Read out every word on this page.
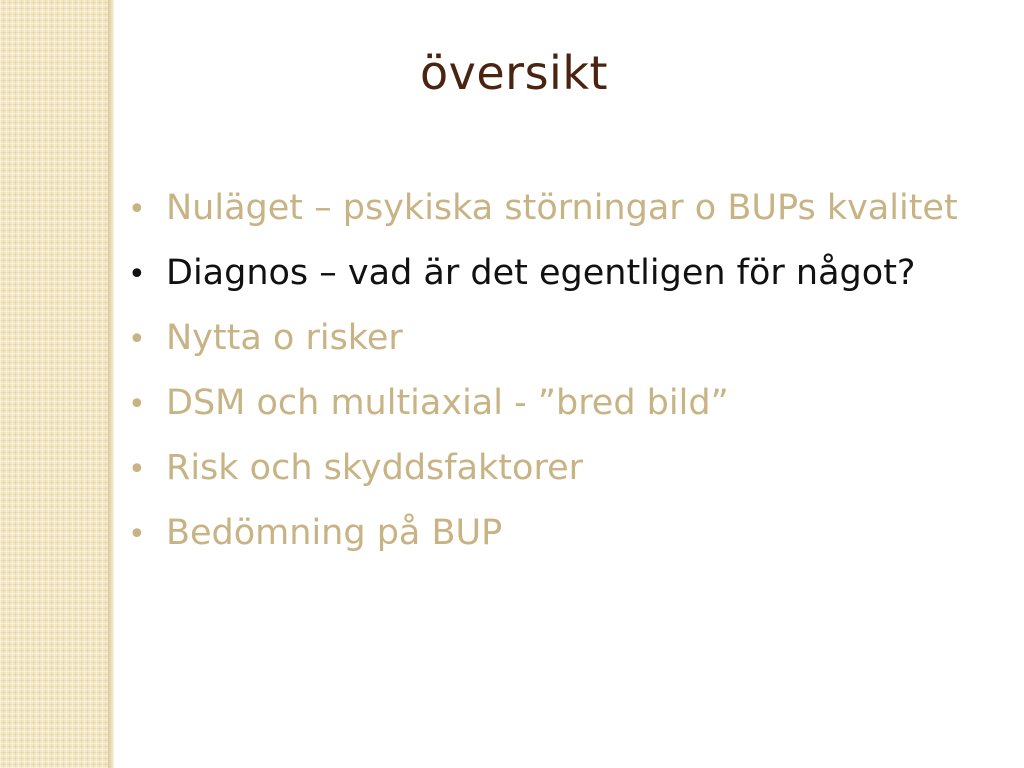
översikt
• Nuläget – psykiska störningar o BUPs kvalitet
• Diagnos – vad är det egentligen för något?
• Nytta o risker
• DSM och multiaxial - ”bred bild”
• Risk och skyddsfaktorer
• Bedömning på BUP
